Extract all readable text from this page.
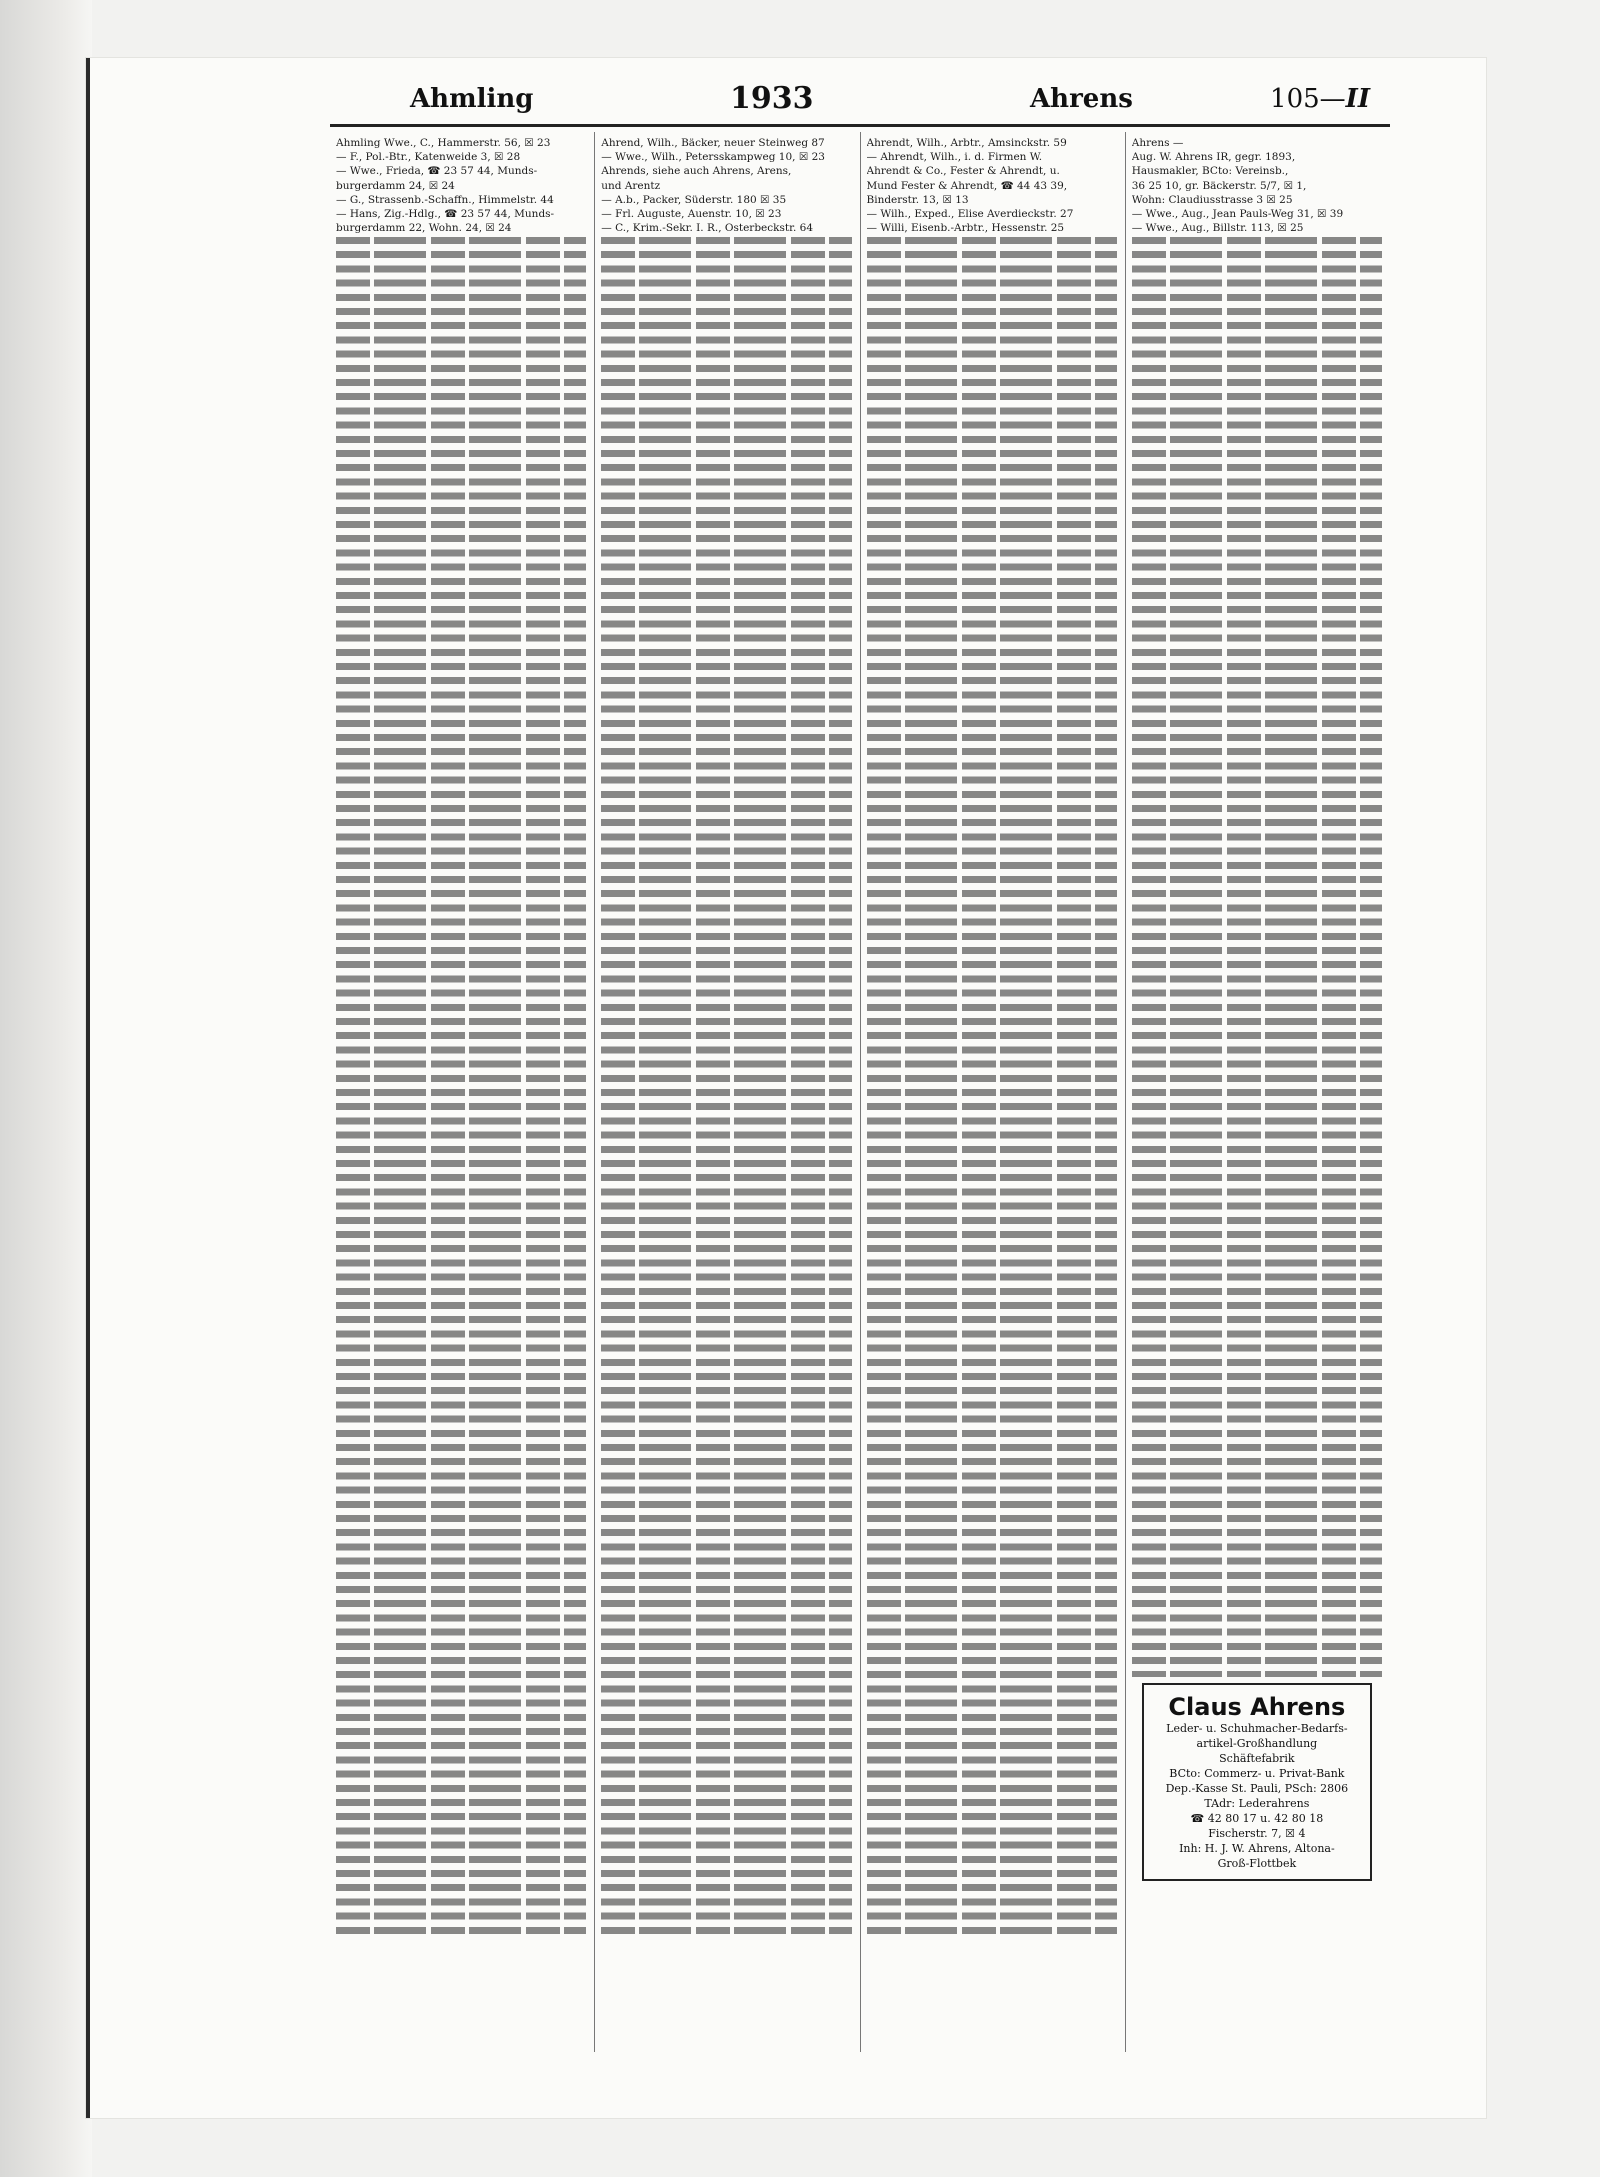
Ahmling	1933	Ahrens	105—II
Ahmling Wwe., C., Hammerstr. 56, ☒ 23
— F., Pol.-Btr., Katenweide 3, ☒ 28
— Wwe., Frieda, ☎ 23 57 44, Munds-
burgerdamm 24, ☒ 24
— G., Strassenb.-Schaffn., Himmelstr. 44
— Hans, Zig.-Hdlg., ☎ 23 57 44, Munds-
burgerdamm 22, Wohn. 24, ☒ 24
Ahrend, Wilh., Bäcker, neuer Steinweg 87
— Wwe., Wilh., Petersskampweg 10, ☒ 23
Ahrends, siehe auch Ahrens, Arens,
und Arentz
— A.b., Packer, Süderstr. 180 ☒ 35
— Frl. Auguste, Auenstr. 10, ☒ 23
— C., Krim.-Sekr. I. R., Osterbeckstr. 64
Ahrendt, Wilh., Arbtr., Amsinckstr. 59
— Ahrendt, Wilh., i. d. Firmen W.
Ahrendt & Co., Fester & Ahrendt, u.
Mund Fester & Ahrendt, ☎ 44 43 39,
Binderstr. 13, ☒ 13
— Wilh., Exped., Elise Averdieckstr. 27
— Willi, Eisenb.-Arbtr., Hessenstr. 25
Ahrens —
Aug. W. Ahrens IR, gegr. 1893,
Hausmakler, BCto: Vereinsb.,
36 25 10, gr. Bäckerstr. 5/7, ☒ 1,
Wohn: Claudiusstrasse 3 ☒ 25
— Wwe., Aug., Jean Pauls-Weg 31, ☒ 39
— Wwe., Aug., Billstr. 113, ☒ 25
Claus Ahrens
Leder- u. Schuhmacher-Bedarfs-
artikel-Großhandlung
Schäftefabrik
BCto: Commerz- u. Privat-Bank
Dep.-Kasse St. Pauli, PSch: 2806
TAdr: Lederahrens
☎ 42 80 17 u. 42 80 18
Fischerstr. 7, ☒ 4
Inh: H. J. W. Ahrens, Altona-
Groß-Flottbek
